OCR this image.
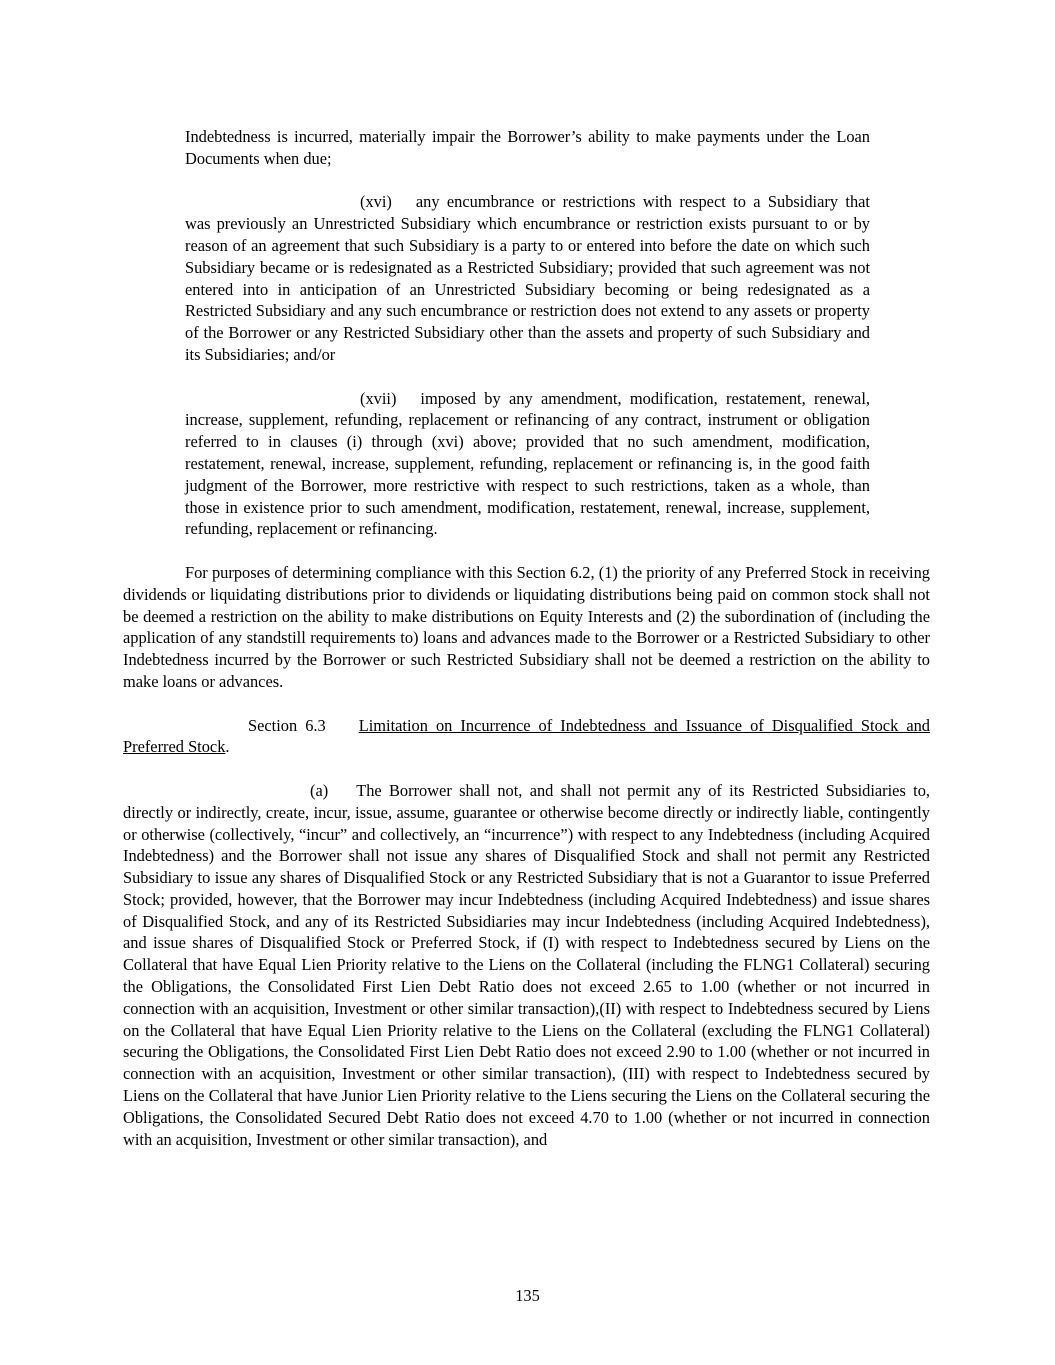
Indebtedness is incurred, materially impair the Borrower’s ability to make payments under the Loan Documents when due;

(xvi) any encumbrance or restrictions with respect to a Subsidiary that was previously an Unrestricted Subsidiary which encumbrance or restriction exists pursuant to or by reason of an agreement that such Subsidiary is a party to or entered into before the date on which such Subsidiary became or is redesignated as a Restricted Subsidiary; provided that such agreement was not entered into in anticipation of an Unrestricted Subsidiary becoming or being redesignated as a Restricted Subsidiary and any such encumbrance or restriction does not extend to any assets or property of the Borrower or any Restricted Subsidiary other than the assets and property of such Subsidiary and its Subsidiaries; and/or

(xvii) imposed by any amendment, modification, restatement, renewal, increase, supplement, refunding, replacement or refinancing of any contract, instrument or obligation referred to in clauses (i) through (xvi) above; provided that no such amendment, modification, restatement, renewal, increase, supplement, refunding, replacement or refinancing is, in the good faith judgment of the Borrower, more restrictive with respect to such restrictions, taken as a whole, than those in existence prior to such amendment, modification, restatement, renewal, increase, supplement, refunding, replacement or refinancing.

For purposes of determining compliance with this Section 6.2, (1) the priority of any Preferred Stock in receiving dividends or liquidating distributions prior to dividends or liquidating distributions being paid on common stock shall not be deemed a restriction on the ability to make distributions on Equity Interests and (2) the subordination of (including the application of any standstill requirements to) loans and advances made to the Borrower or a Restricted Subsidiary to other Indebtedness incurred by the Borrower or such Restricted Subsidiary shall not be deemed a restriction on the ability to make loans or advances.

Section 6.3 Limitation on Incurrence of Indebtedness and Issuance of Disqualified Stock and Preferred Stock.

(a) The Borrower shall not, and shall not permit any of its Restricted Subsidiaries to, directly or indirectly, create, incur, issue, assume, guarantee or otherwise become directly or indirectly liable, contingently or otherwise (collectively, “incur” and collectively, an “incurrence”) with respect to any Indebtedness (including Acquired Indebtedness) and the Borrower shall not issue any shares of Disqualified Stock and shall not permit any Restricted Subsidiary to issue any shares of Disqualified Stock or any Restricted Subsidiary that is not a Guarantor to issue Preferred Stock; provided, however, that the Borrower may incur Indebtedness (including Acquired Indebtedness) and issue shares of Disqualified Stock, and any of its Restricted Subsidiaries may incur Indebtedness (including Acquired Indebtedness), and issue shares of Disqualified Stock or Preferred Stock, if (I) with respect to Indebtedness secured by Liens on the Collateral that have Equal Lien Priority relative to the Liens on the Collateral (including the FLNG1 Collateral) securing the Obligations, the Consolidated First Lien Debt Ratio does not exceed 2.65 to 1.00 (whether or not incurred in connection with an acquisition, Investment or other similar transaction),(II) with respect to Indebtedness secured by Liens on the Collateral that have Equal Lien Priority relative to the Liens on the Collateral (excluding the FLNG1 Collateral) securing the Obligations, the Consolidated First Lien Debt Ratio does not exceed 2.90 to 1.00 (whether or not incurred in connection with an acquisition, Investment or other similar transaction), (III) with respect to Indebtedness secured by Liens on the Collateral that have Junior Lien Priority relative to the Liens securing the Liens on the Collateral securing the Obligations, the Consolidated Secured Debt Ratio does not exceed 4.70 to 1.00 (whether or not incurred in connection with an acquisition, Investment or other similar transaction), and

135
